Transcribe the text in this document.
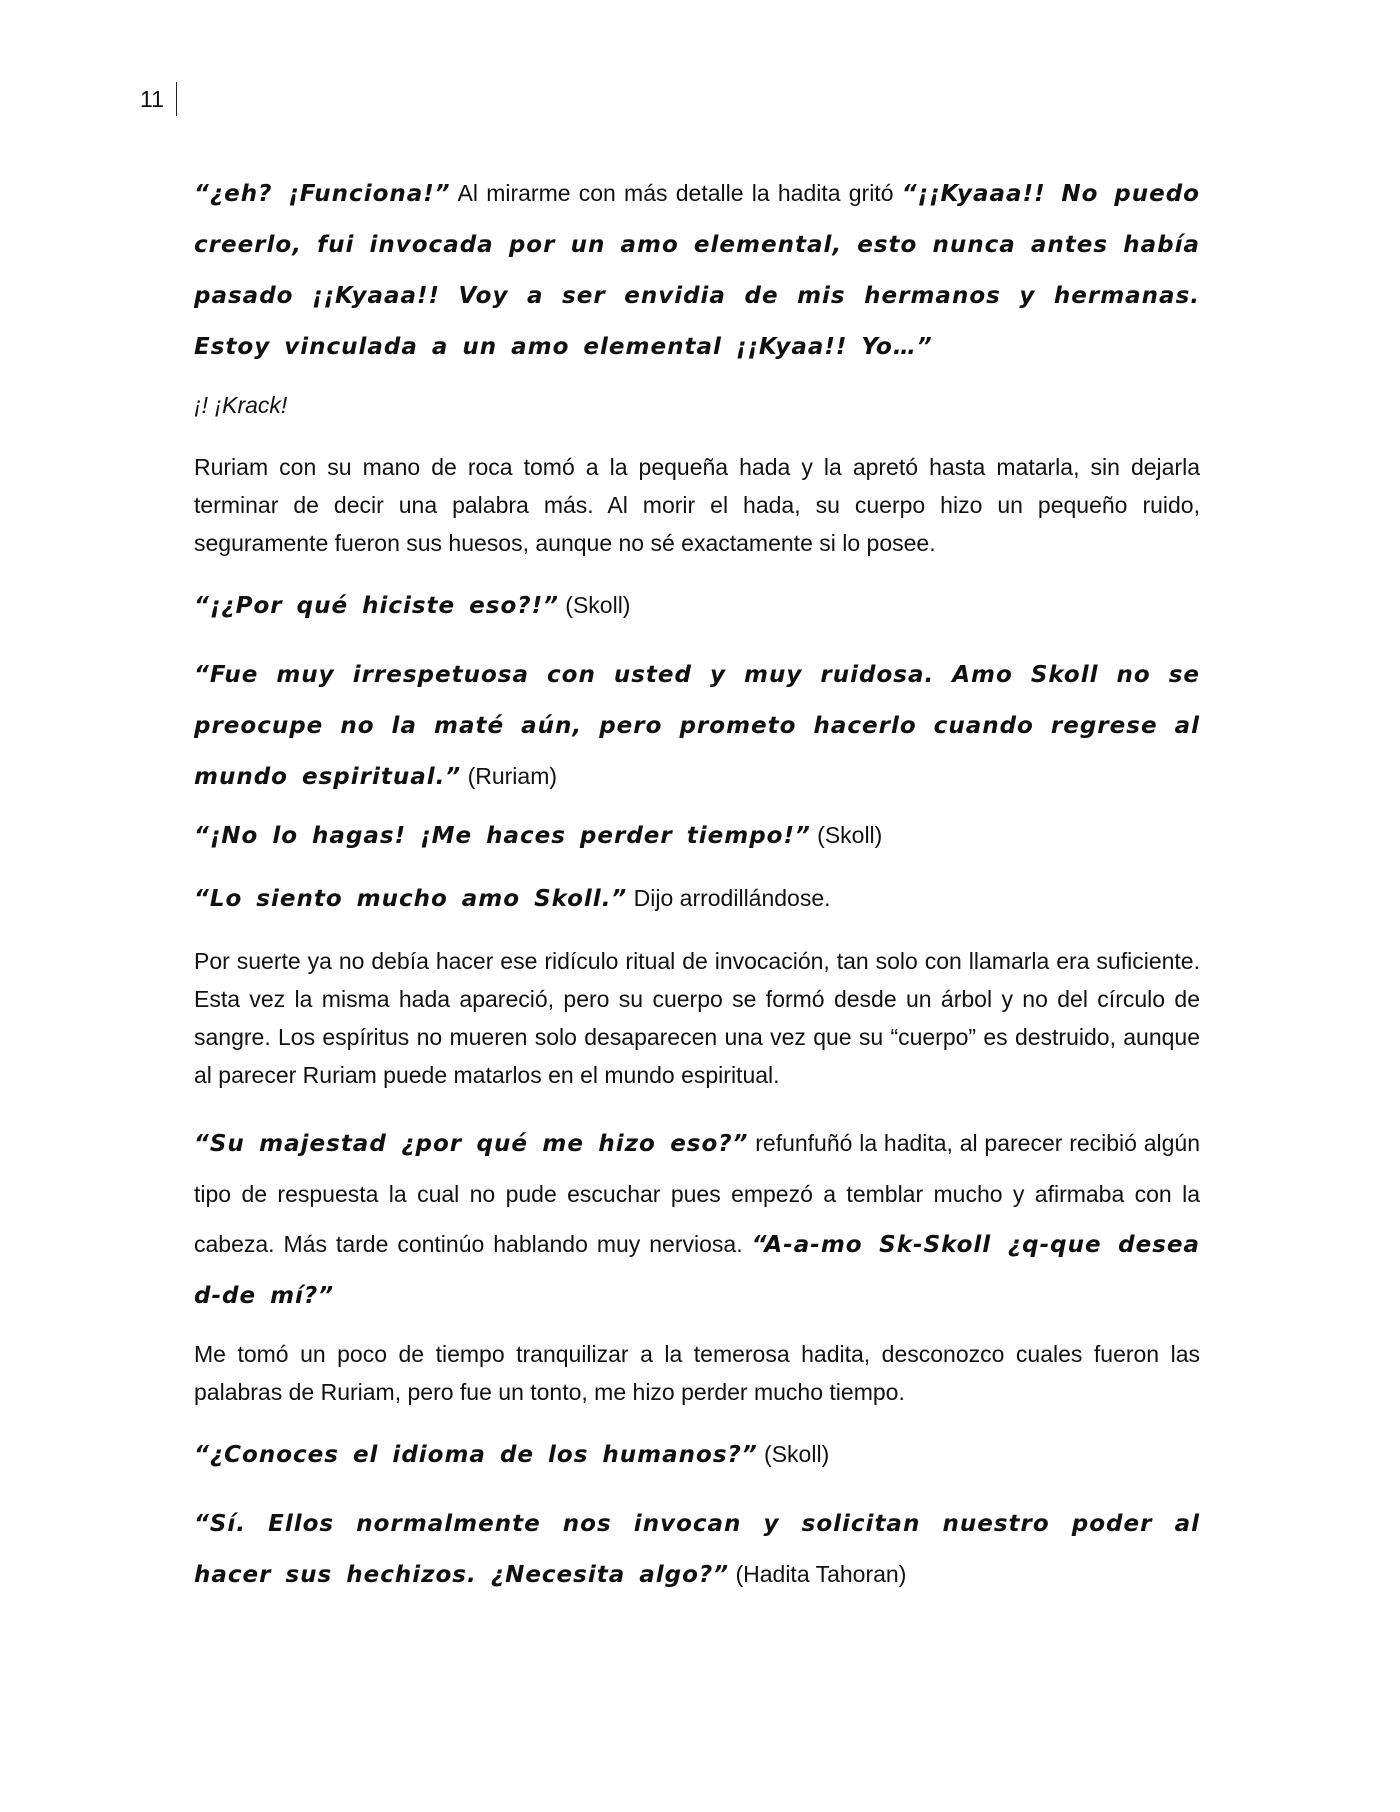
11

“¿eh? ¡Funciona!” Al mirarme con más detalle la hadita gritó “¡¡Kyaaa!! No puedo creerlo, fui invocada por un amo elemental, esto nunca antes había pasado ¡¡Kyaaa!! Voy a ser envidia de mis hermanos y hermanas. Estoy vinculada a un amo elemental ¡¡Kyaa!! Yo…”

¡! ¡Krack!

Ruriam con su mano de roca tomó a la pequeña hada y la apretó hasta matarla, sin dejarla terminar de decir una palabra más. Al morir el hada, su cuerpo hizo un pequeño ruido, seguramente fueron sus huesos, aunque no sé exactamente si lo posee.

“¡¿Por qué hiciste eso?!” (Skoll)

“Fue muy irrespetuosa con usted y muy ruidosa. Amo Skoll no se preocupe no la maté aún, pero prometo hacerlo cuando regrese al mundo espiritual.” (Ruriam)

“¡No lo hagas! ¡Me haces perder tiempo!” (Skoll)

“Lo siento mucho amo Skoll.” Dijo arrodillándose.

Por suerte ya no debía hacer ese ridículo ritual de invocación, tan solo con llamarla era suficiente. Esta vez la misma hada apareció, pero su cuerpo se formó desde un árbol y no del círculo de sangre. Los espíritus no mueren solo desaparecen una vez que su “cuerpo” es destruido, aunque al parecer Ruriam puede matarlos en el mundo espiritual.

“Su majestad ¿por qué me hizo eso?” refunfuñó la hadita, al parecer recibió algún tipo de respuesta la cual no pude escuchar pues empezó a temblar mucho y afirmaba con la cabeza. Más tarde continúo hablando muy nerviosa. “A-a-mo Sk-Skoll ¿q-que desea d-de mí?”

Me tomó un poco de tiempo tranquilizar a la temerosa hadita, desconozco cuales fueron las palabras de Ruriam, pero fue un tonto, me hizo perder mucho tiempo.

“¿Conoces el idioma de los humanos?” (Skoll)

“Sí. Ellos normalmente nos invocan y solicitan nuestro poder al hacer sus hechizos. ¿Necesita algo?” (Hadita Tahoran)
